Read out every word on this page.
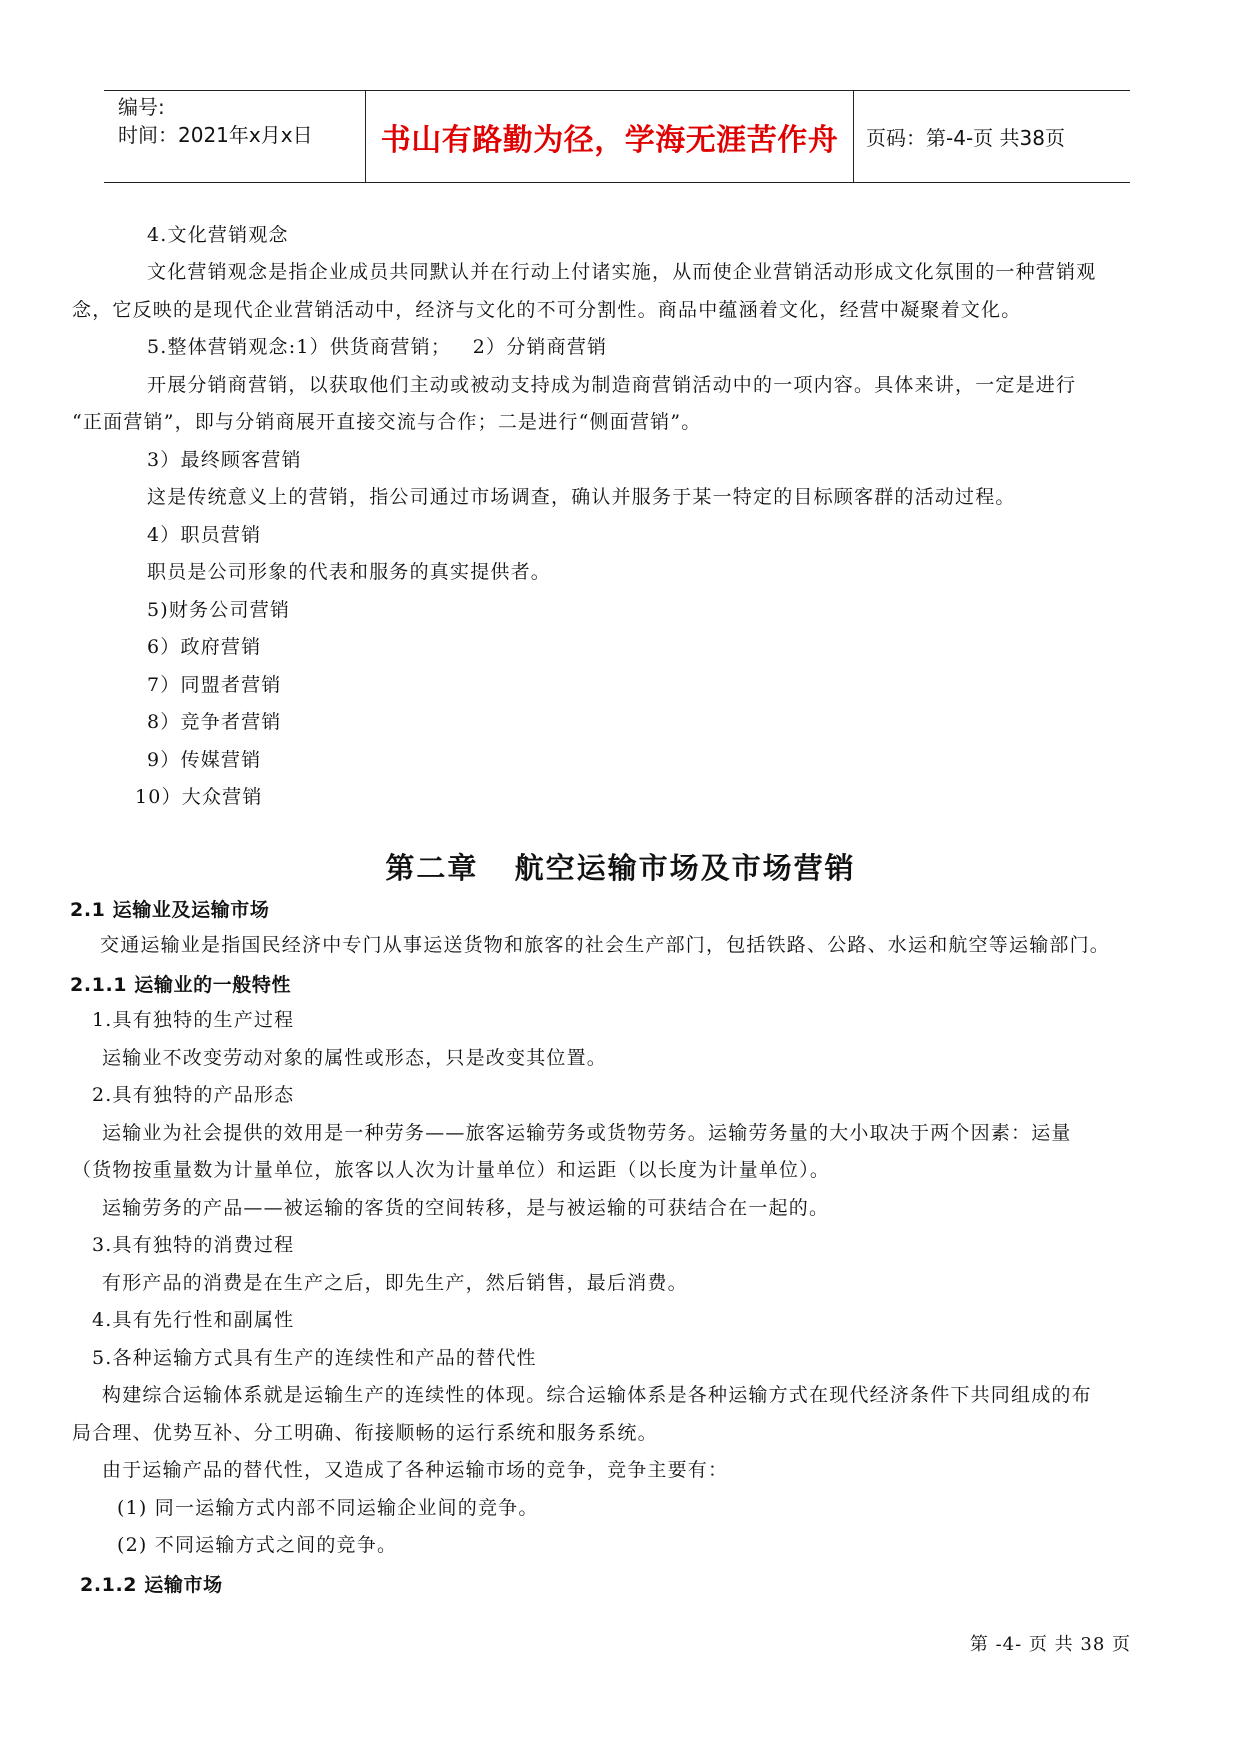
编号:
时间：2021年x月x日	书山有路勤为径，学海无涯苦作舟 页码：第-4-页 共38页
4.文化营销观念
文化营销观念是指企业成员共同默认并在行动上付诸实施，从而使企业营销活动形成文化氛围的一种营销观
念，它反映的是现代企业营销活动中，经济与文化的不可分割性。商品中蕴涵着文化，经营中凝聚着文化。
5.整体营销观念:1）供货商营销；   2）分销商营销
开展分销商营销，以获取他们主动或被动支持成为制造商营销活动中的一项内容。具体来讲，一定是进行
“正面营销”，即与分销商展开直接交流与合作；二是进行“侧面营销”。
3）最终顾客营销
这是传统意义上的营销，指公司通过市场调查，确认并服务于某一特定的目标顾客群的活动过程。
4）职员营销
职员是公司形象的代表和服务的真实提供者。
5)财务公司营销
6）政府营销
7）同盟者营销
8）竞争者营销
9）传媒营销
10）大众营销
第二章   航空运输市场及市场营销
2.1 运输业及运输市场
交通运输业是指国民经济中专门从事运送货物和旅客的社会生产部门，包括铁路、公路、水运和航空等运输部门。
2.1.1 运输业的一般特性
1.具有独特的生产过程
运输业不改变劳动对象的属性或形态，只是改变其位置。
2.具有独特的产品形态
运输业为社会提供的效用是一种劳务——旅客运输劳务或货物劳务。运输劳务量的大小取决于两个因素：运量
（货物按重量数为计量单位，旅客以人次为计量单位）和运距（以长度为计量单位）。
运输劳务的产品——被运输的客货的空间转移，是与被运输的可获结合在一起的。
3.具有独特的消费过程
有形产品的消费是在生产之后，即先生产，然后销售，最后消费。
4.具有先行性和副属性
5.各种运输方式具有生产的连续性和产品的替代性
构建综合运输体系就是运输生产的连续性的体现。综合运输体系是各种运输方式在现代经济条件下共同组成的布
局合理、优势互补、分工明确、衔接顺畅的运行系统和服务系统。
由于运输产品的替代性，又造成了各种运输市场的竞争，竞争主要有：
(1) 同一运输方式内部不同运输企业间的竞争。
(2) 不同运输方式之间的竞争。
2.1.2 运输市场
第 -4- 页 共 38 页
